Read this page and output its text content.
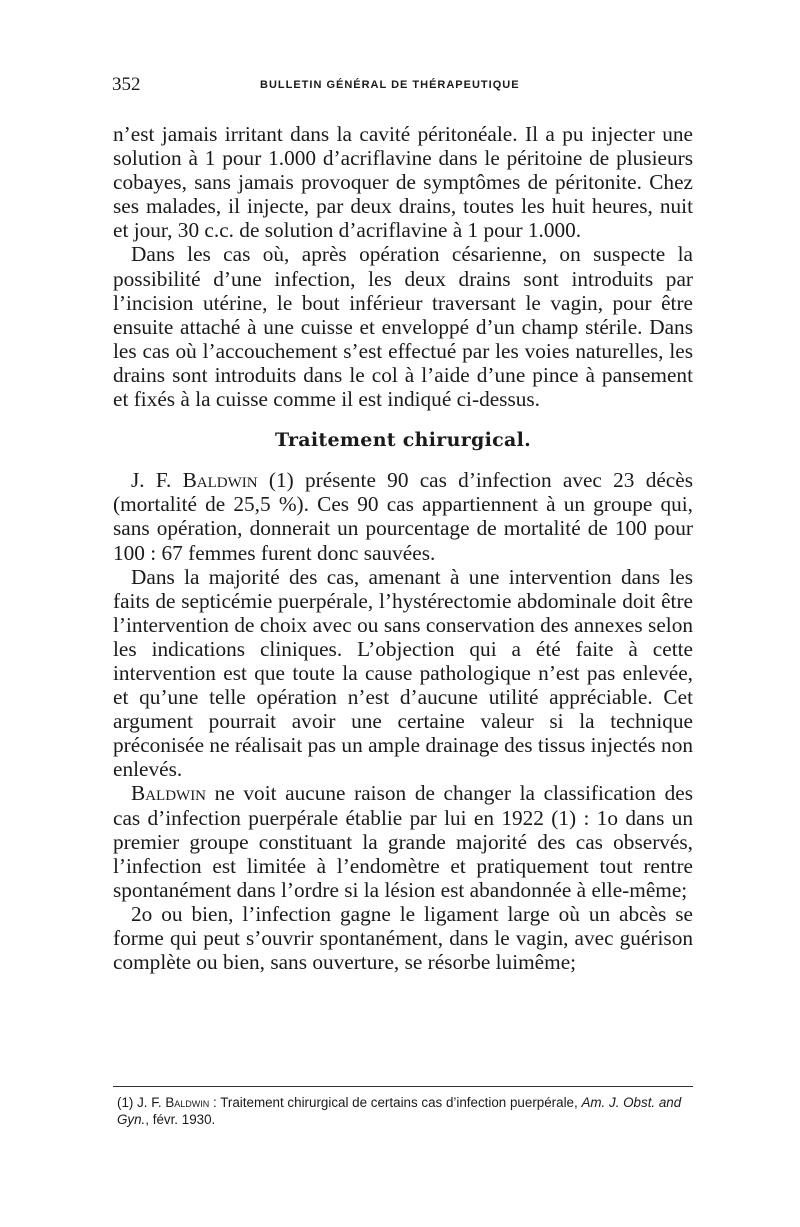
352	BULLETIN GÉNÉRAL DE THÉRAPEUTIQUE

n’est jamais irritant dans la cavité péritonéale. Il a pu injecter une solution à 1 pour 1.000 d’acriflavine dans le péritoine de plusieurs cobayes, sans jamais provoquer de symptômes de péritonite. Chez ses malades, il injecte, par deux drains, toutes les huit heures, nuit et jour, 30 c.c. de solution d’acriflavine à 1 pour 1.000.

Dans les cas où, après opération césarienne, on suspecte la possibilité d’une infection, les deux drains sont introduits par l’incision utérine, le bout inférieur traversant le vagin, pour être ensuite attaché à une cuisse et enveloppé d’un champ stérile. Dans les cas où l’accouchement s’est effectué par les voies naturelles, les drains sont introduits dans le col à l’aide d’une pince à pansement et fixés à la cuisse comme il est indiqué ci-dessus.

Traitement chirurgical.

J. F. Baldwin (1) présente 90 cas d’infection avec 23 décès (mortalité de 25,5 %). Ces 90 cas appartiennent à un groupe qui, sans opération, donnerait un pourcentage de mortalité de 100 pour 100 : 67 femmes furent donc sauvées.

Dans la majorité des cas, amenant à une intervention dans les faits de septicémie puerpérale, l’hystérectomie abdominale doit être l’intervention de choix avec ou sans conservation des annexes selon les indications cliniques. L’objection qui a été faite à cette intervention est que toute la cause pathologique n’est pas enlevée, et qu’une telle opération n’est d’aucune utilité appréciable. Cet argument pourrait avoir une certaine valeur si la technique préconisée ne réalisait pas un ample drainage des tissus injectés non enlevés.

Baldwin ne voit aucune raison de changer la classification des cas d’infection puerpérale établie par lui en 1922 (1) : 1o dans un premier groupe constituant la grande majorité des cas observés, l’infection est limitée à l’endomètre et pratiquement tout rentre spontanément dans l’ordre si la lésion est abandonnée à elle-même;

2o ou bien, l’infection gagne le ligament large où un abcès se forme qui peut s’ouvrir spontanément, dans le vagin, avec guérison complète ou bien, sans ouverture, se résorbe luimême;

(1) J. F. Baldwin : Traitement chirurgical de certains cas d’infection puerpérale, Am. J. Obst. and Gyn., févr. 1930.
